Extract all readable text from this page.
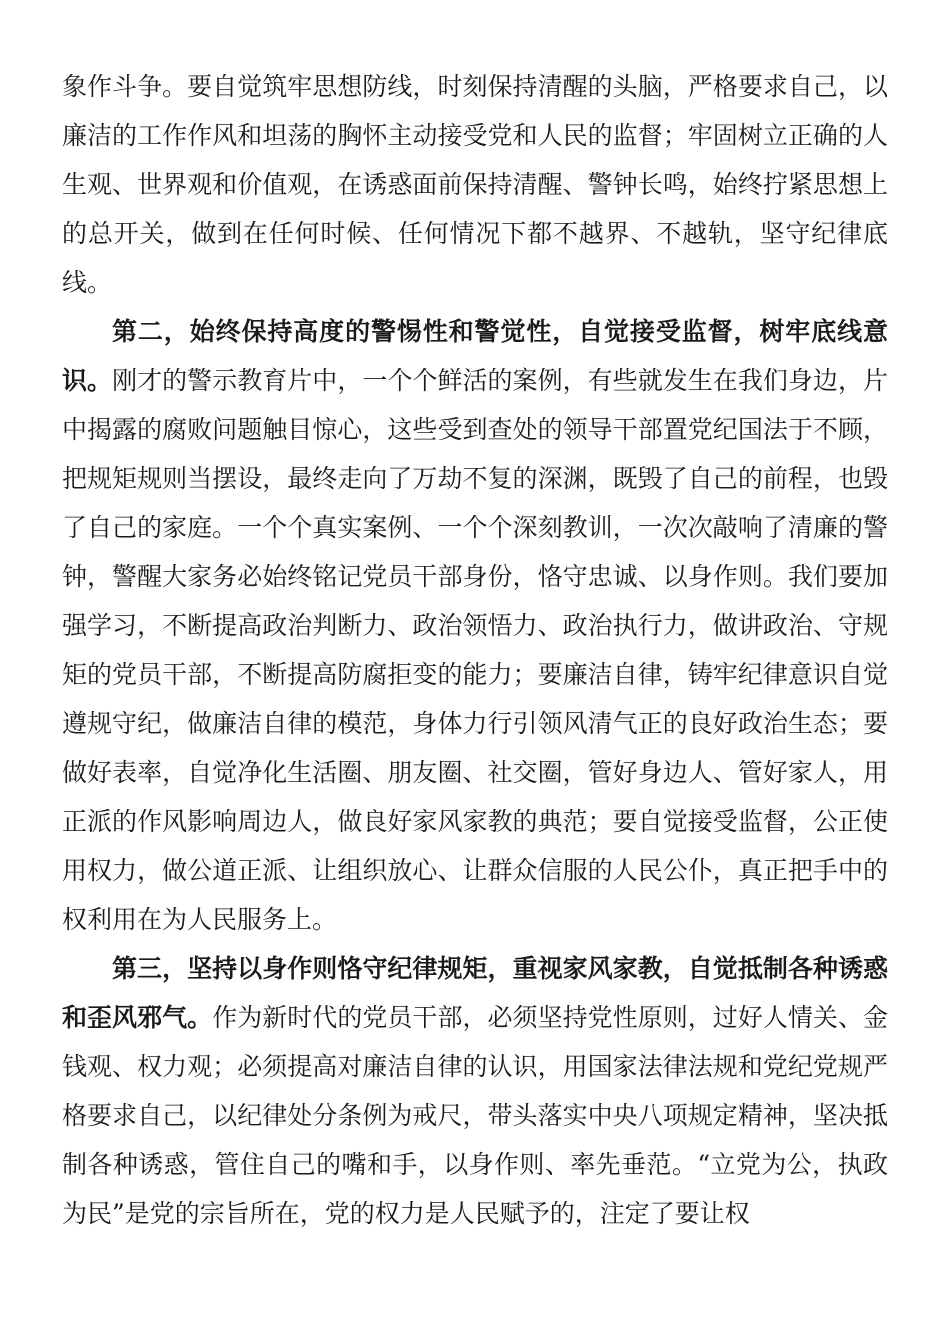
象作斗争。要自觉筑牢思想防线，时刻保持清醒的头脑，严格要求自己，以廉洁的工作作风和坦荡的胸怀主动接受党和人民的监督；牢固树立正确的人生观、世界观和价值观，在诱惑面前保持清醒、警钟长鸣，始终拧紧思想上的总开关，做到在任何时候、任何情况下都不越界、不越轨，坚守纪律底线。

第二，始终保持高度的警惕性和警觉性，自觉接受监督，树牢底线意识。刚才的警示教育片中，一个个鲜活的案例，有些就发生在我们身边，片中揭露的腐败问题触目惊心，这些受到查处的领导干部置党纪国法于不顾，把规矩规则当摆设，最终走向了万劫不复的深渊，既毁了自己的前程，也毁了自己的家庭。一个个真实案例、一个个深刻教训，一次次敲响了清廉的警钟，警醒大家务必始终铭记党员干部身份，恪守忠诚、以身作则。我们要加强学习，不断提高政治判断力、政治领悟力、政治执行力，做讲政治、守规矩的党员干部，不断提高防腐拒变的能力；要廉洁自律，铸牢纪律意识自觉遵规守纪，做廉洁自律的模范，身体力行引领风清气正的良好政治生态；要做好表率，自觉净化生活圈、朋友圈、社交圈，管好身边人、管好家人，用正派的作风影响周边人，做良好家风家教的典范；要自觉接受监督，公正使用权力，做公道正派、让组织放心、让群众信服的人民公仆，真正把手中的权利用在为人民服务上。

第三，坚持以身作则恪守纪律规矩，重视家风家教，自觉抵制各种诱惑和歪风邪气。作为新时代的党员干部，必须坚持党性原则，过好人情关、金钱观、权力观；必须提高对廉洁自律的认识，用国家法律法规和党纪党规严格要求自己，以纪律处分条例为戒尺，带头落实中央八项规定精神，坚决抵制各种诱惑，管住自己的嘴和手，以身作则、率先垂范。“立党为公，执政为民”是党的宗旨所在，党的权力是人民赋予的，注定了要让权
